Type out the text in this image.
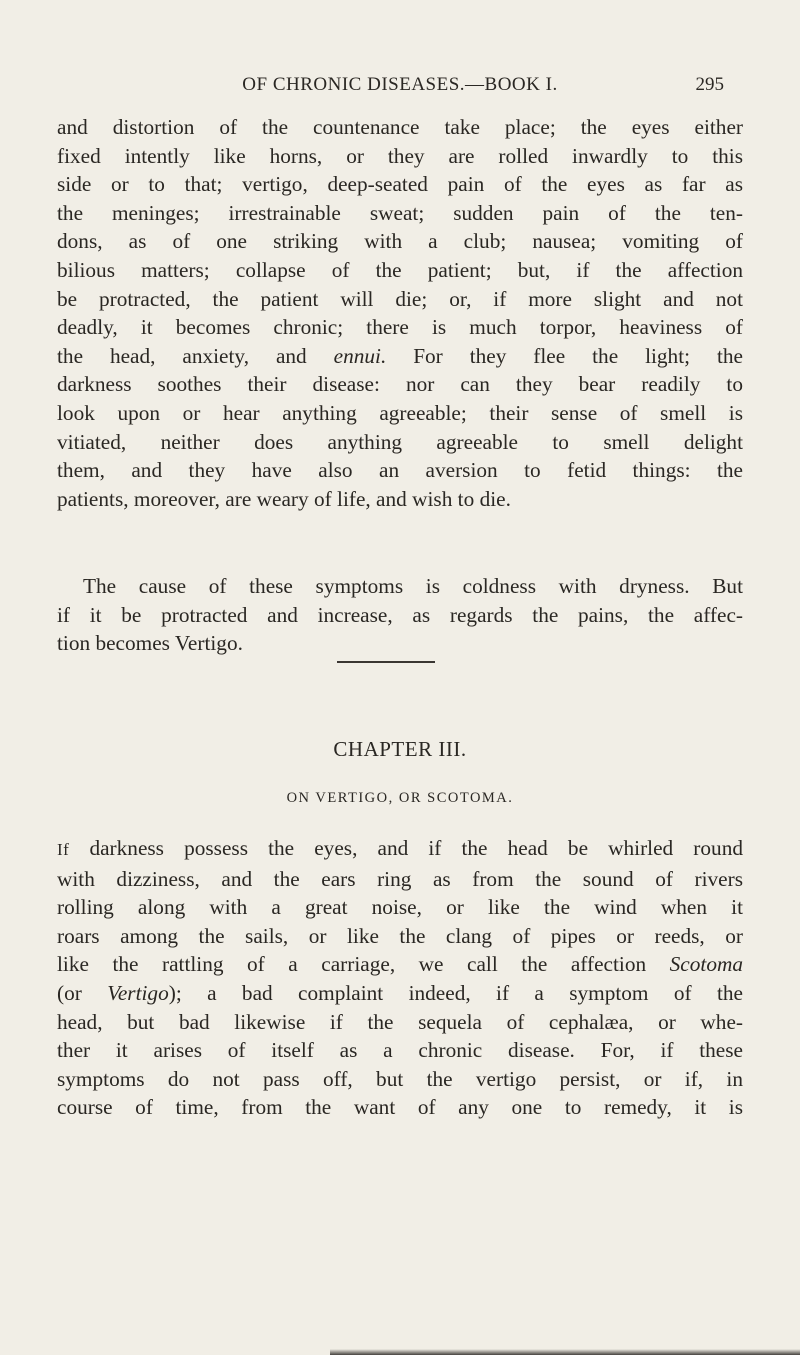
OF CHRONIC DISEASES.—BOOK I.	295
and distortion of the countenance take place; the eyes either
fixed intently like horns, or they are rolled inwardly to this
side or to that; vertigo, deep-seated pain of the eyes as far as
the meninges; irrestrainable sweat; sudden pain of the ten-
dons, as of one striking with a club; nausea; vomiting of
bilious matters; collapse of the patient; but, if the affection
be protracted, the patient will die; or, if more slight and not
deadly, it becomes chronic; there is much torpor, heaviness of
the head, anxiety, and ennui. For they flee the light; the
darkness soothes their disease: nor can they bear readily to
look upon or hear anything agreeable; their sense of smell is
vitiated, neither does anything agreeable to smell delight
them, and they have also an aversion to fetid things: the
patients, moreover, are weary of life, and wish to die.
The cause of these symptoms is coldness with dryness. But
if it be protracted and increase, as regards the pains, the affec-
tion becomes Vertigo.
CHAPTER III.
ON VERTIGO, OR SCOTOMA.
If darkness possess the eyes, and if the head be whirled round
with dizziness, and the ears ring as from the sound of rivers
rolling along with a great noise, or like the wind when it
roars among the sails, or like the clang of pipes or reeds, or
like the rattling of a carriage, we call the affection Scotoma
(or Vertigo); a bad complaint indeed, if a symptom of the
head, but bad likewise if the sequela of cephalæa, or whe-
ther it arises of itself as a chronic disease. For, if these
symptoms do not pass off, but the vertigo persist, or if, in
course of time, from the want of any one to remedy, it is
